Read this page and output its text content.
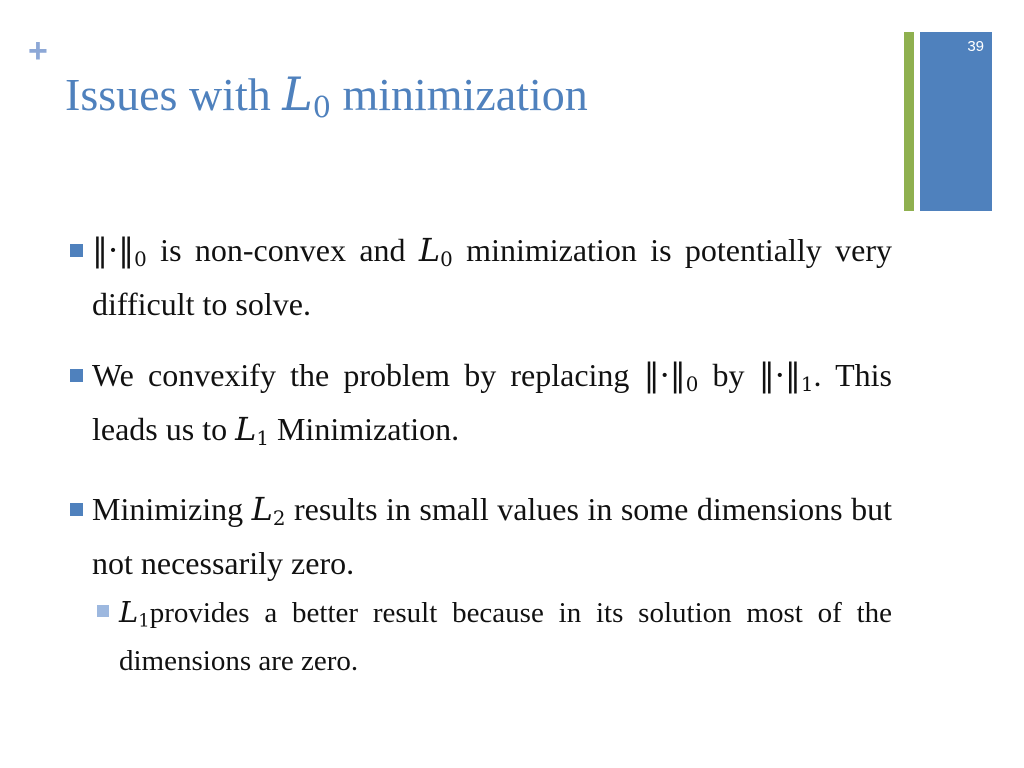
+
Issues with $L_0$ minimization
39
$‖\cdot‖_0$ is non-convex and $L_0$ minimization is potentially very difficult to solve.
We convexify the problem by replacing $‖\cdot‖_0$ by $‖\cdot‖_1$. This leads us to $L_1$ Minimization.
Minimizing $L_2$ results in small values in some dimensions but not necessarily zero.
$L_1provides$ a better result because in its solution most of the dimensions are zero.
